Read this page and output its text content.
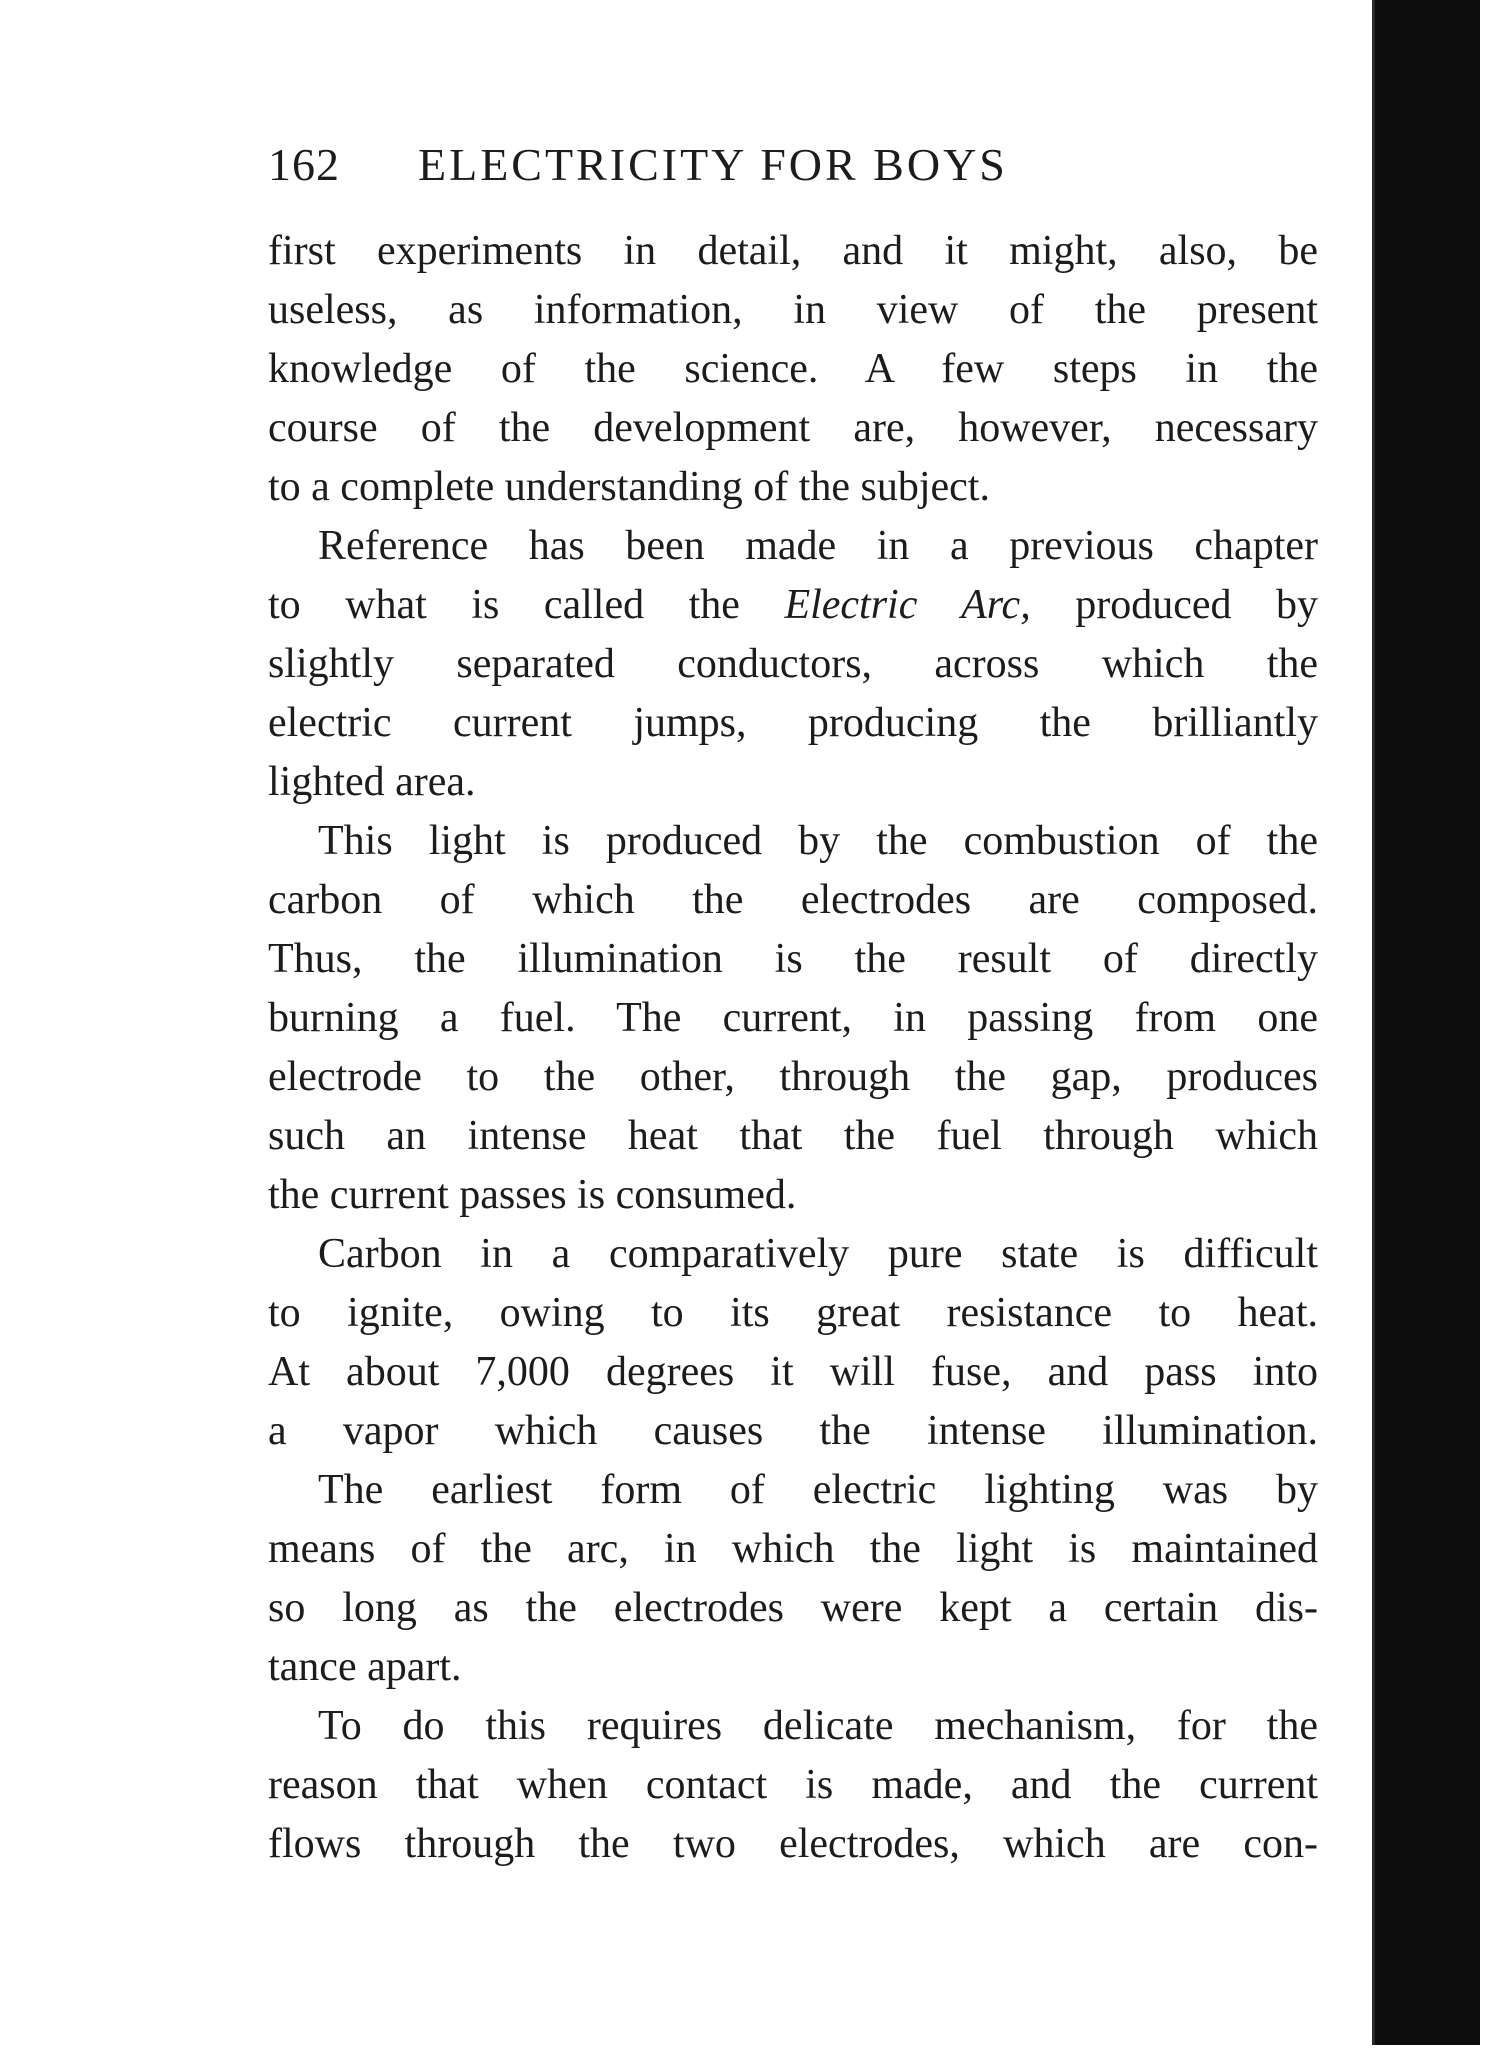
162 ELECTRICITY FOR BOYS

first experiments in detail, and it might, also, be
useless, as information, in view of the present
knowledge of the science. A few steps in the
course of the development are, however, necessary
to a complete understanding of the subject.

Reference has been made in a previous chapter
to what is called the Electric Arc, produced by
slightly separated conductors, across which the
electric current jumps, producing the brilliantly
lighted area.

This light is produced by the combustion of the
carbon of which the electrodes are composed.
Thus, the illumination is the result of directly
burning a fuel. The current, in passing from one
electrode to the other, through the gap, produces
such an intense heat that the fuel through which
the current passes is consumed.

Carbon in a comparatively pure state is difficult
to ignite, owing to its great resistance to heat.
At about 7,000 degrees it will fuse, and pass into
a vapor which causes the intense illumination.

The earliest form of electric lighting was by
means of the arc, in which the light is maintained
so long as the electrodes were kept a certain dis-
tance apart.

To do this requires delicate mechanism, for the
reason that when contact is made, and the current
flows through the two electrodes, which are con-
